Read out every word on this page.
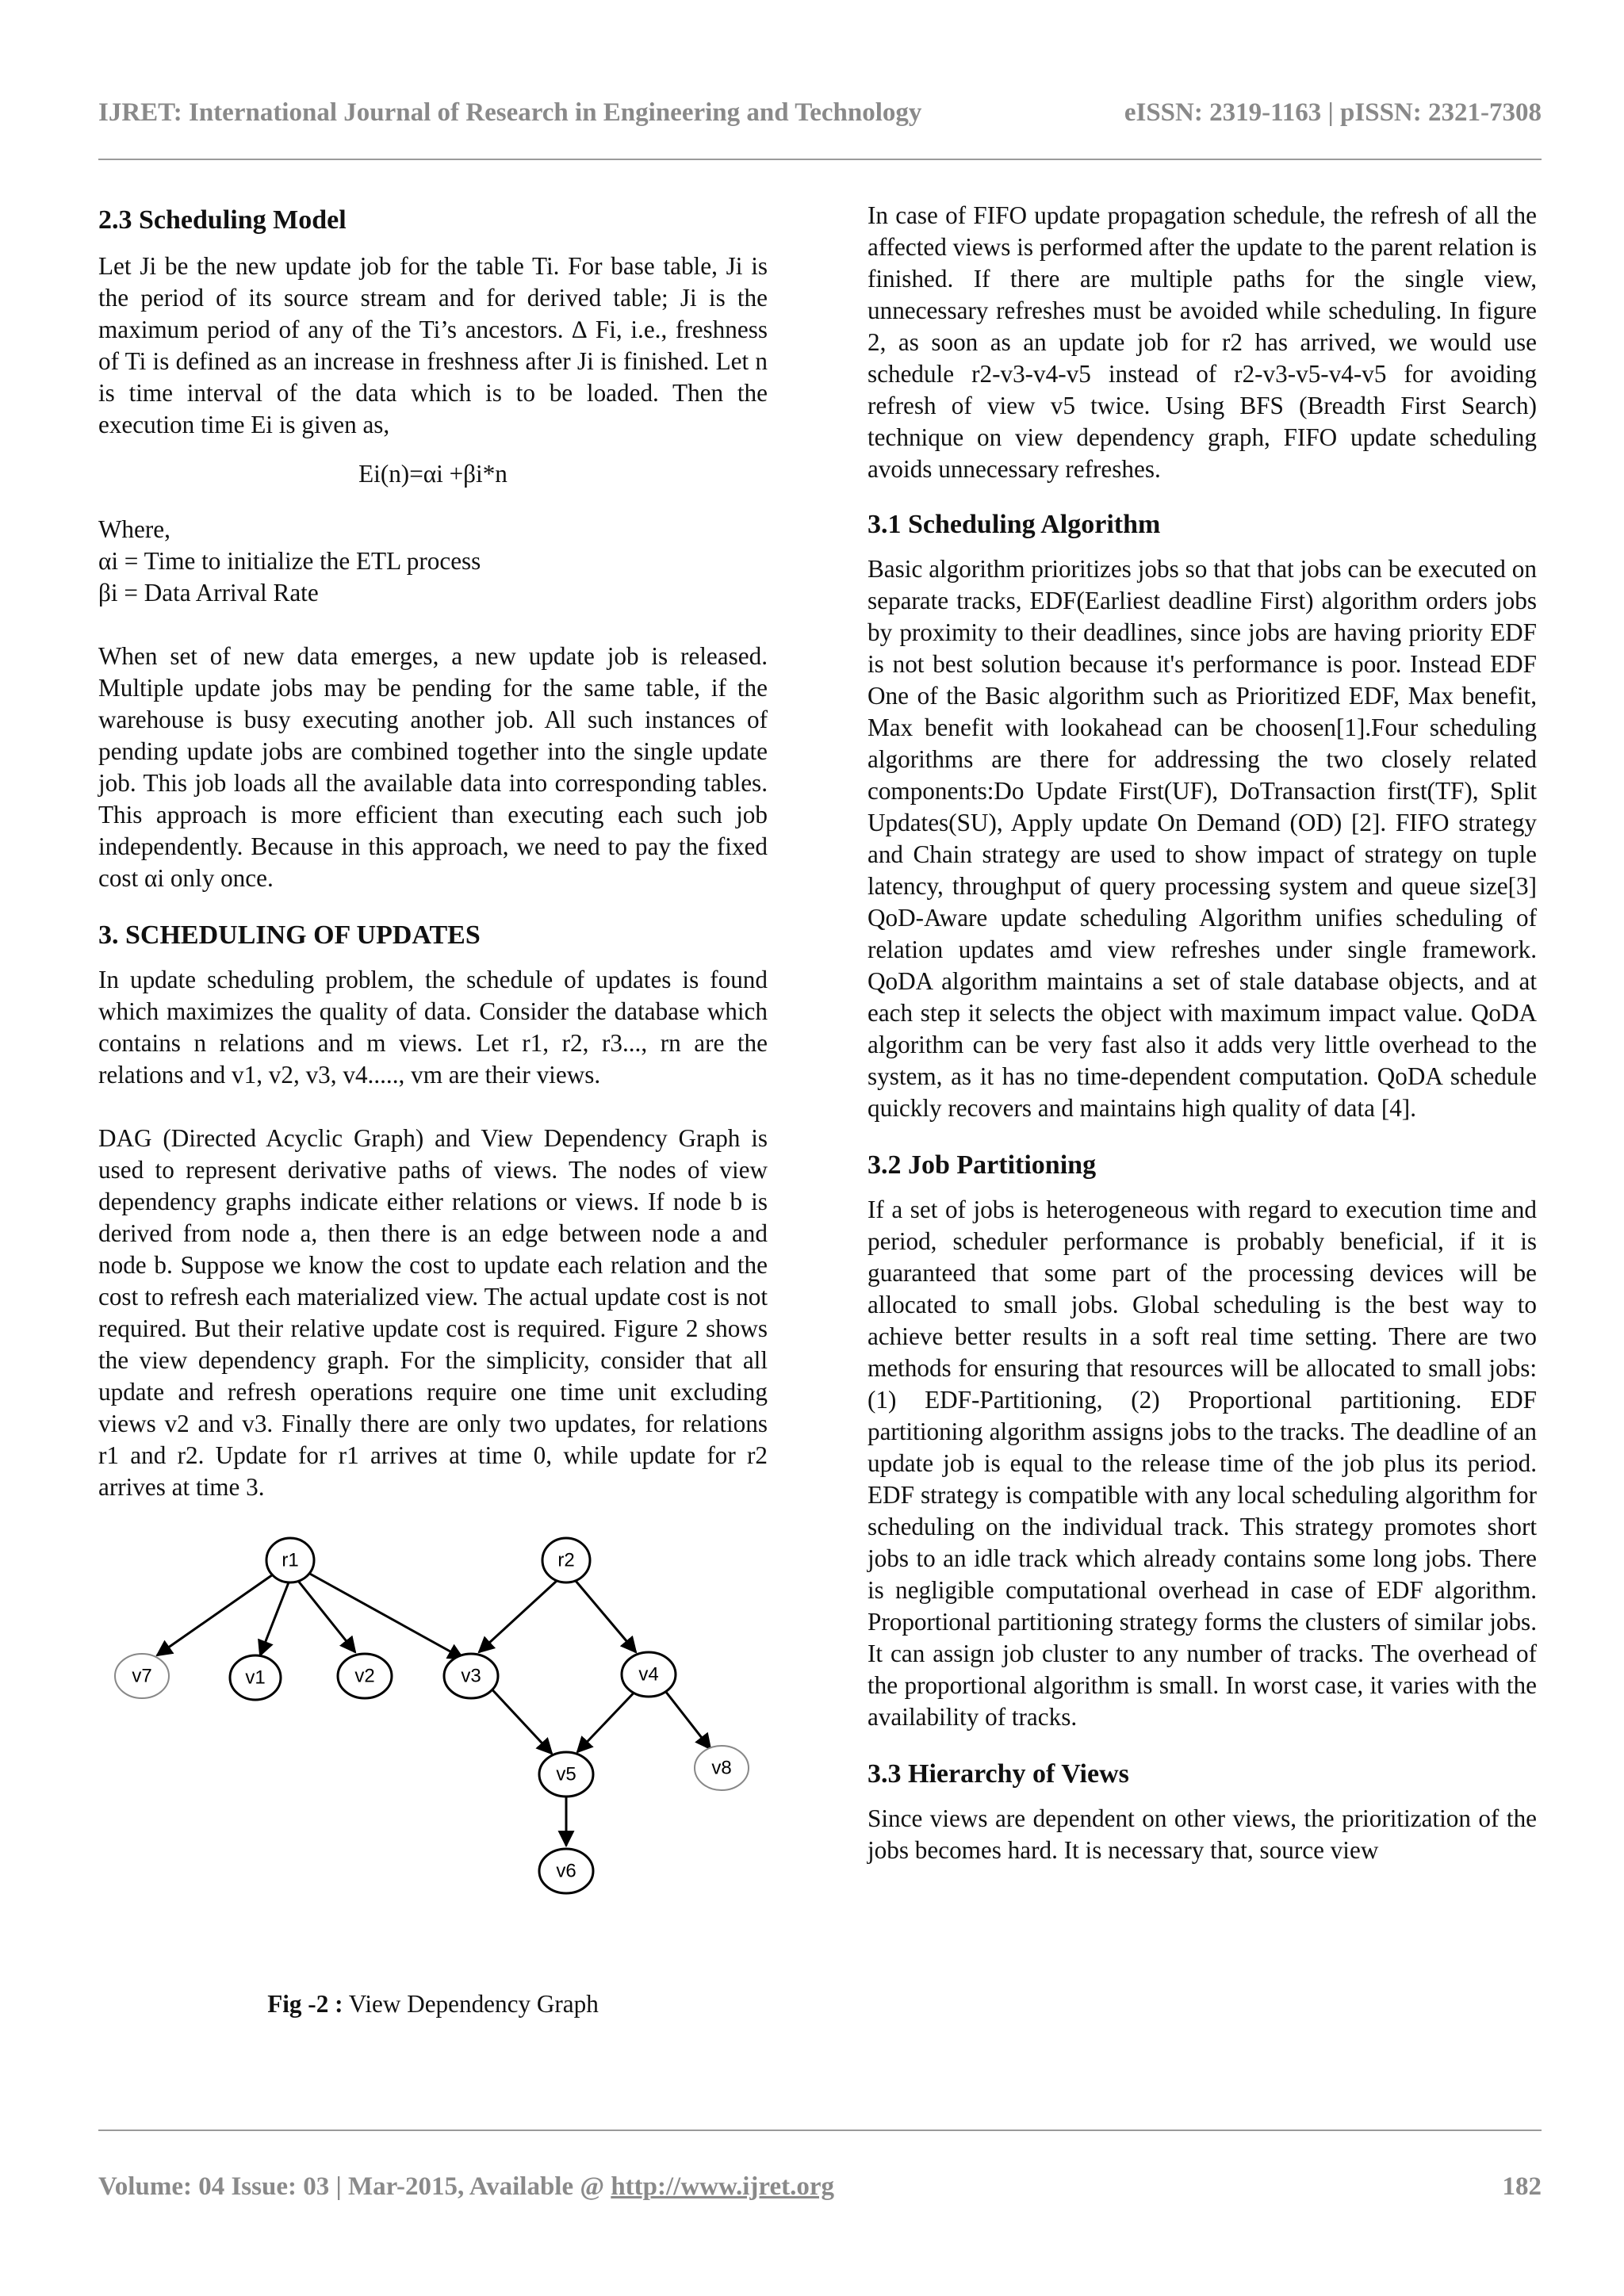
IJRET: International Journal of Research in Engineering and Technology	eISSN: 2319-1163 | pISSN: 2321-7308
2.3 Scheduling Model

Let Ji be the new update job for the table Ti. For base table, Ji is the period of its source stream and for derived table; Ji is the maximum period of any of the Ti’s ancestors. ∆ Fi, i.e., freshness of Ti is defined as an increase in freshness after Ji is finished. Let n is time interval of the data which is to be loaded. Then the execution time Ei is given as,

Ei(n)=αi +βi*n

Where,

αi = Time to initialize the ETL process

βi = Data Arrival Rate

When set of new data emerges, a new update job is released. Multiple update jobs may be pending for the same table, if the warehouse is busy executing another job. All such instances of pending update jobs are combined together into the single update job. This job loads all the available data into corresponding tables. This approach is more efficient than executing each such job independently. Because in this approach, we need to pay the fixed cost αi only once.

3. SCHEDULING OF UPDATES

In update scheduling problem, the schedule of updates is found which maximizes the quality of data. Consider the database which contains n relations and m views. Let r1, r2, r3..., rn are the relations and v1, v2, v3, v4....., vm are their views.

DAG (Directed Acyclic Graph) and View Dependency Graph is used to represent derivative paths of views. The nodes of view dependency graphs indicate either relations or views. If node b is derived from node a, then there is an edge between node a and node b. Suppose we know the cost to update each relation and the cost to refresh each materialized view. The actual update cost is not required. But their relative update cost is required. Figure 2 shows the view dependency graph. For the simplicity, consider that all update and refresh operations require one time unit excluding views v2 and v3. Finally there are only two updates, for relations r1 and r2. Update for r1 arrives at time 0, while update for r2 arrives at time 3.

r1	r2
v7	v1	v2	v3	v4
v5	v8
v6
Fig -2 : View Dependency Graph

In case of FIFO update propagation schedule, the refresh of all the affected views is performed after the update to the parent relation is finished. If there are multiple paths for the single view, unnecessary refreshes must be avoided while scheduling. In figure 2, as soon as an update job for r2 has arrived, we would use schedule r2-v3-v4-v5 instead of r2-v3-v5-v4-v5 for avoiding refresh of view v5 twice. Using BFS (Breadth First Search) technique on view dependency graph, FIFO update scheduling avoids unnecessary refreshes.

3.1 Scheduling Algorithm

Basic algorithm prioritizes jobs so that that jobs can be executed on separate tracks, EDF(Earliest deadline First) algorithm orders jobs by proximity to their deadlines, since jobs are having priority EDF is not best solution because it's performance is poor. Instead EDF One of the Basic algorithm such as Prioritized EDF, Max benefit, Max benefit with lookahead can be choosen[1].Four scheduling algorithms are there for addressing the two closely related components:Do Update First(UF), DoTransaction first(TF), Split Updates(SU), Apply update On Demand (OD) [2]. FIFO strategy and Chain strategy are used to show impact of strategy on tuple latency, throughput of query processing system and queue size[3] QoD-Aware update scheduling Algorithm unifies scheduling of relation updates amd view refreshes under single framework. QoDA algorithm maintains a set of stale database objects, and at each step it selects the object with maximum impact value. QoDA algorithm can be very fast also it adds very little overhead to the system, as it has no time-dependent computation. QoDA schedule quickly recovers and maintains high quality of data [4].

3.2 Job Partitioning

If a set of jobs is heterogeneous with regard to execution time and period, scheduler performance is probably beneficial, if it is guaranteed that some part of the processing devices will be allocated to small jobs. Global scheduling is the best way to achieve better results in a soft real time setting. There are two methods for ensuring that resources will be allocated to small jobs: (1) EDF-Partitioning, (2) Proportional partitioning. EDF partitioning algorithm assigns jobs to the tracks. The deadline of an update job is equal to the release time of the job plus its period. EDF strategy is compatible with any local scheduling algorithm for scheduling on the individual track. This strategy promotes short jobs to an idle track which already contains some long jobs. There is negligible computational overhead in case of EDF algorithm. Proportional partitioning strategy forms the clusters of similar jobs. It can assign job cluster to any number of tracks. The overhead of the proportional algorithm is small. In worst case, it varies with the availability of tracks.

3.3 Hierarchy of Views

Since views are dependent on other views, the prioritization of the jobs becomes hard. It is necessary that, source view

Volume: 04 Issue: 03 | Mar-2015, Available @ http://www.ijret.org	182
